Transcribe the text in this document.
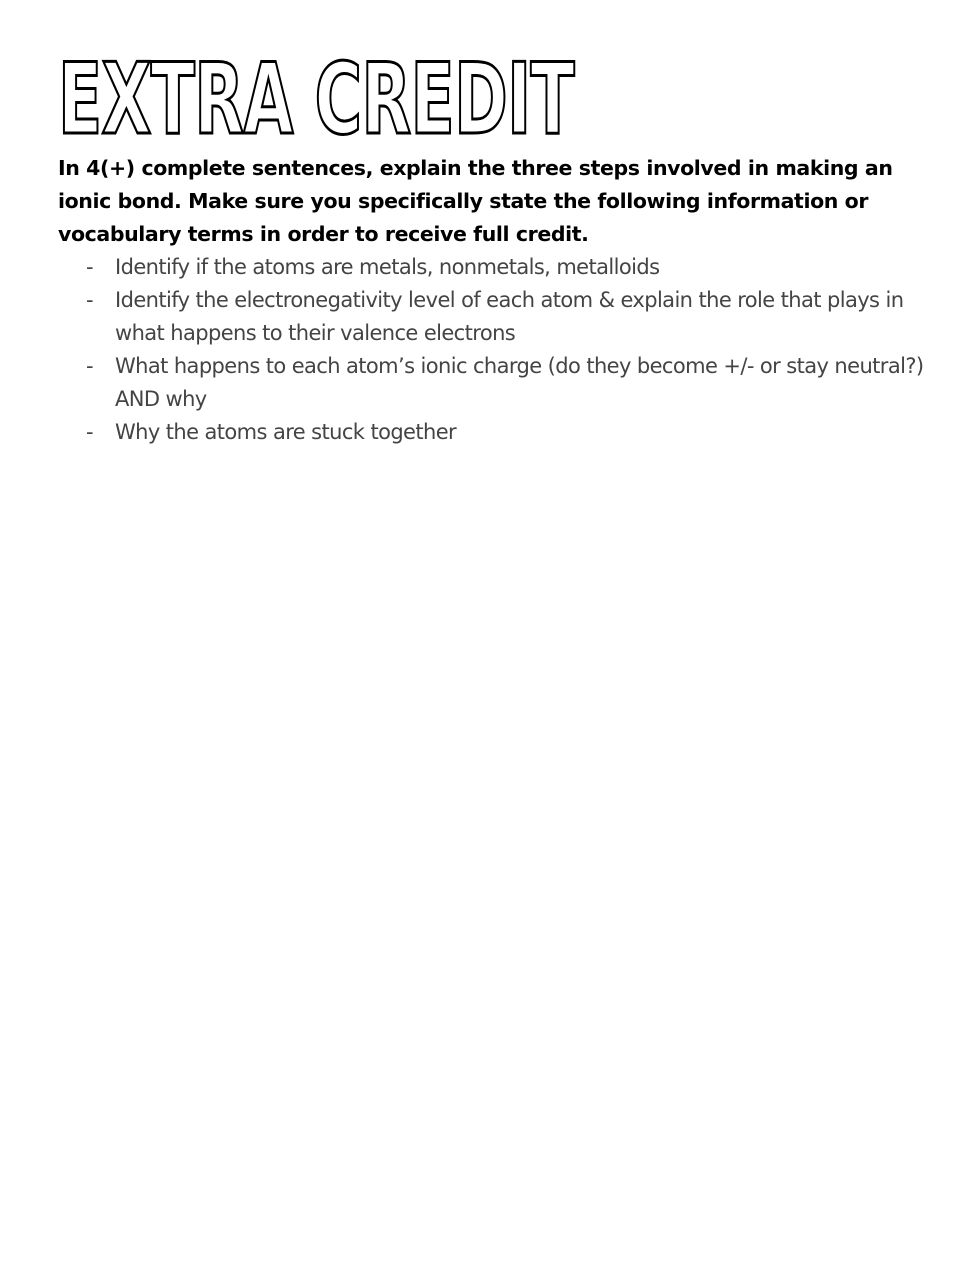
EXTRA CREDIT

In 4(+) complete sentences, explain the three steps involved in making an ionic bond. Make sure you specifically state the following information or vocabulary terms in order to receive full credit.

- Identify if the atoms are metals, nonmetals, metalloids
- Identify the electronegativity level of each atom & explain the role that plays in what happens to their valence electrons
- What happens to each atom’s ionic charge (do they become +/- or stay neutral?) AND why
- Why the atoms are stuck together
